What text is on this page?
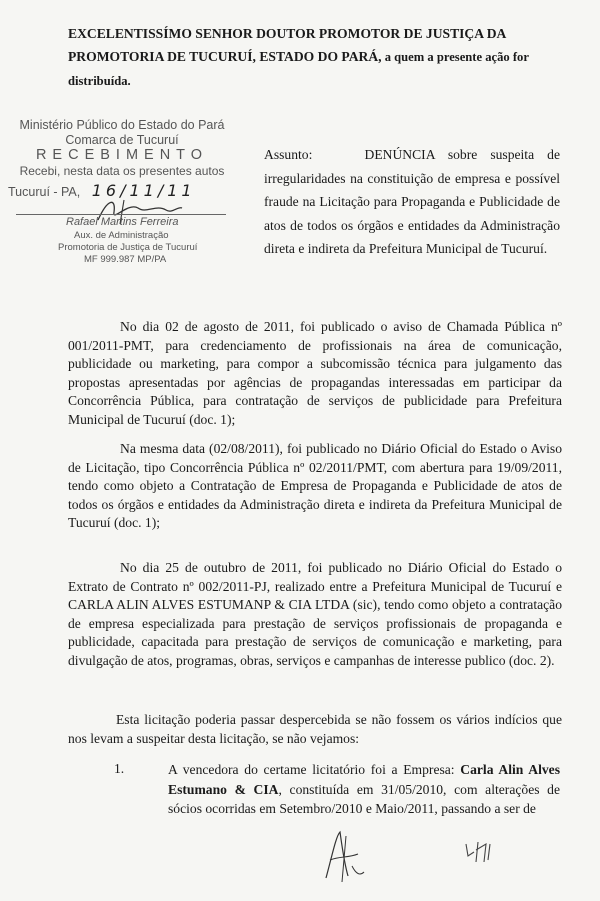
EXCELENTISSÍMO SENHOR DOUTOR PROMOTOR DE JUSTIÇA DA
PROMOTORIA DE TUCURUÍ, ESTADO DO PARÁ, a quem a presente ação for
distribuída.
Ministério Público do Estado do Pará
Comarca de Tucuruí
RECEBIMENTO
Recebi, nesta data os presentes autos
Tucuruí - PA, 16/11/11
Rafael Martins Ferreira
Aux. de Administração
Promotoria de Justiça de Tucuruí
MF 999.987 MP/PA
Assunto:	DENÚNCIA sobre suspeita de irregularidades na constituição de empresa e possível fraude na Licitação para Propaganda e Publicidade de atos de todos os órgãos e entidades da Administração direta e indireta da Prefeitura Municipal de Tucuruí.
No dia 02 de agosto de 2011, foi publicado o aviso de Chamada Pública nº 001/2011-PMT, para credenciamento de profissionais na área de comunicação, publicidade ou marketing, para compor a subcomissão técnica para julgamento das propostas apresentadas por agências de propagandas interessadas em participar da Concorrência Pública, para contratação de serviços de publicidade para Prefeitura Municipal de Tucuruí (doc. 1);
Na mesma data (02/08/2011), foi publicado no Diário Oficial do Estado o Aviso de Licitação, tipo Concorrência Pública nº 02/2011/PMT, com abertura para 19/09/2011, tendo como objeto a Contratação de Empresa de Propaganda e Publicidade de atos de todos os órgãos e entidades da Administração direta e indireta da Prefeitura Municipal de Tucuruí (doc. 1);
No dia 25 de outubro de 2011, foi publicado no Diário Oficial do Estado o Extrato de Contrato nº 002/2011-PJ, realizado entre a Prefeitura Municipal de Tucuruí e CARLA ALIN ALVES ESTUMANP & CIA LTDA (sic), tendo como objeto a contratação de empresa especializada para prestação de serviços profissionais de propaganda e publicidade, capacitada para prestação de serviços de comunicação e marketing, para divulgação de atos, programas, obras, serviços e campanhas de interesse publico (doc. 2).
Esta licitação poderia passar despercebida se não fossem os vários indícios que nos levam a suspeitar desta licitação, se não vejamos:
1.	A vencedora do certame licitatório foi a Empresa: Carla Alin Alves Estumano & CIA, constituída em 31/05/2010, com alterações de sócios ocorridas em Setembro/2010 e Maio/2011, passando a ser de
